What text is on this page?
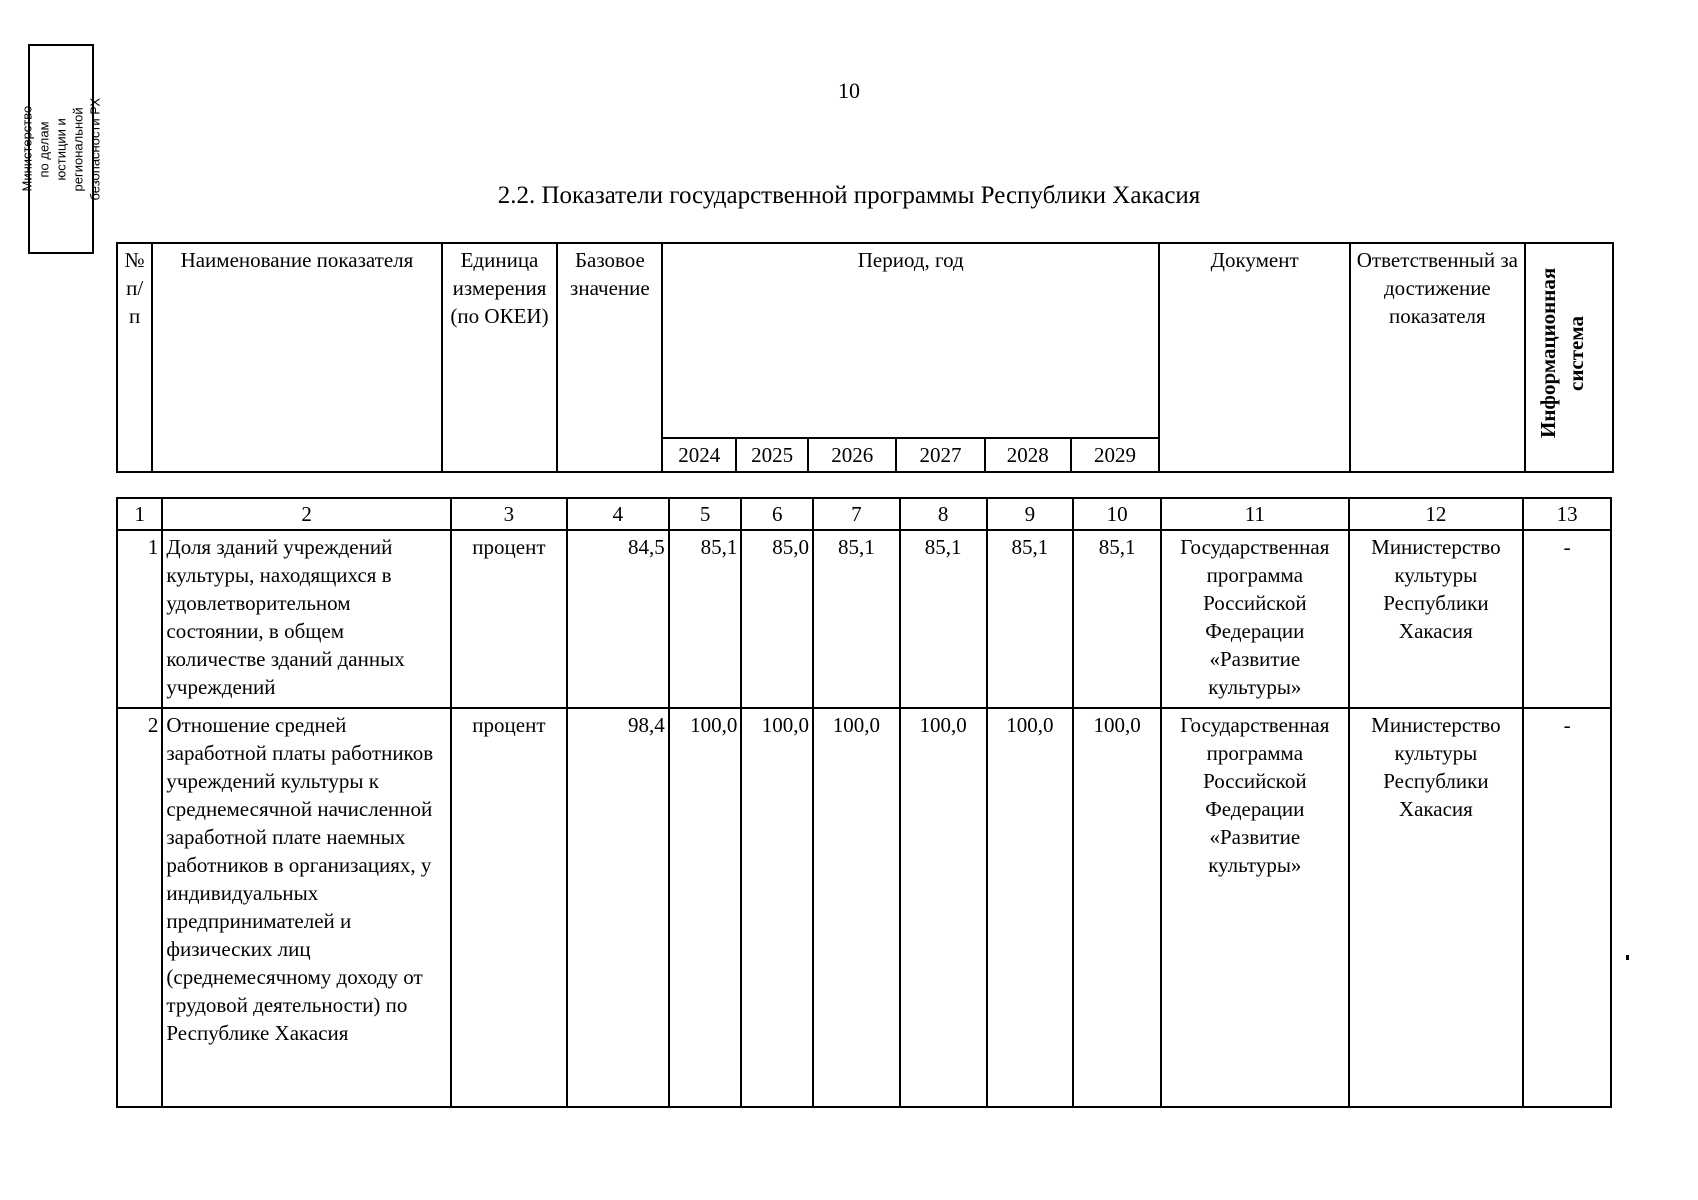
Министерство по делам
юстиции и региональной
безопасности РХ
10
2.2. Показатели государственной программы Республики Хакасия
№ п/п	Наименование показателя	Единица измерения (по ОКЕИ)	Базовое значение	Период, год						Документ	Ответственный за достижение показателя	Информационная система
				2024	2025	2026	2027	2028	2029			
1	2	3	4	5	6	7	8	9	10	11	12	13
1	Доля зданий учреждений культуры, находящихся в удовлетворительном состоянии, в общем количестве зданий данных учреждений	процент	84,5	85,1	85,0	85,1	85,1	85,1	85,1	Государственная программа Российской Федерации «Развитие культуры»	Министерство культуры Республики Хакасия	-
2	Отношение средней заработной платы работников учреждений культуры к среднемесячной начисленной заработной плате наемных работников в организациях, у индивидуальных предпринимателей и физических лиц (среднемесячному доходу от трудовой деятельности) по Республике Хакасия	процент	98,4	100,0	100,0	100,0	100,0	100,0	100,0	Государственная программа Российской Федерации «Развитие культуры»	Министерство культуры Республики Хакасия	-
